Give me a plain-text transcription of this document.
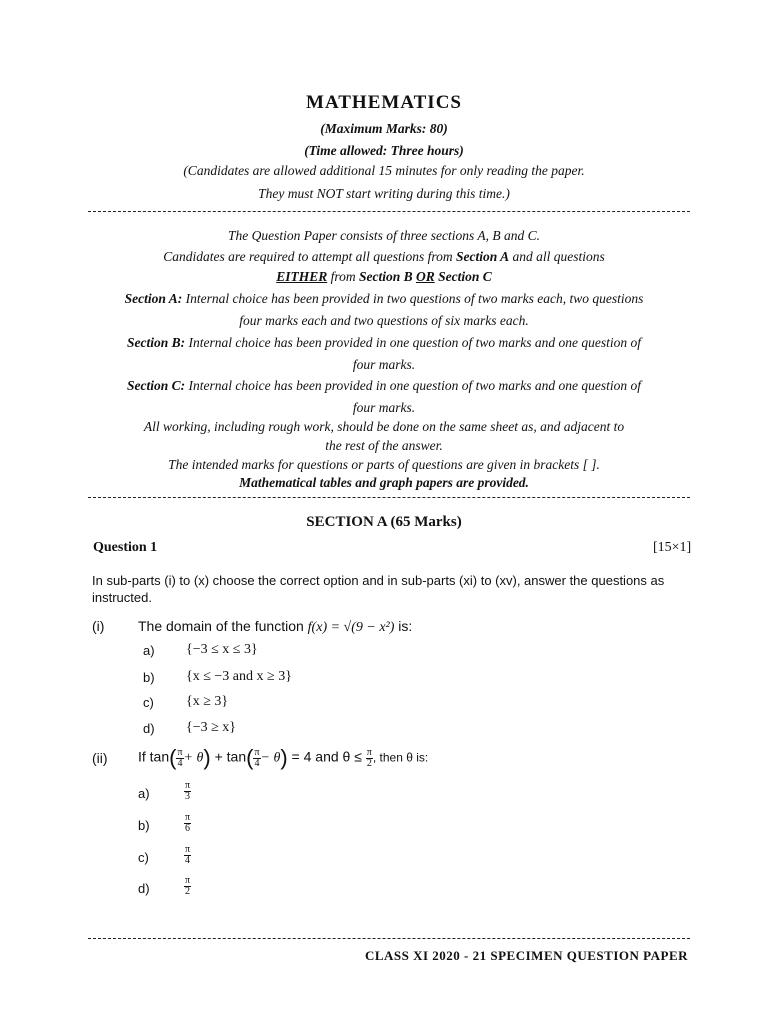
MATHEMATICS
(Maximum Marks: 80)
(Time allowed: Three hours)
(Candidates are allowed additional 15 minutes for only reading the paper.
They must NOT start writing during this time.)
The Question Paper consists of three sections A, B and C.
Candidates are required to attempt all questions from Section A and all questions
EITHER from Section B OR Section C
Section A: Internal choice has been provided in two questions of two marks each, two questions
four marks each and two questions of six marks each.
Section B: Internal choice has been provided in one question of two marks and one question of
four marks.
Section C: Internal choice has been provided in one question of two marks and one question of
four marks.
All working, including rough work, should be done on the same sheet as, and adjacent to
the rest of the answer.
The intended marks for questions or parts of questions are given in brackets [ ].
Mathematical tables and graph papers are provided.
SECTION A (65 Marks)
Question 1	[15×1]
In sub-parts (i) to (x) choose the correct option and in sub-parts (xi) to (xv), answer the questions as instructed.
(i) The domain of the function f(x) = √(9 − x²) is:
a) {−3 ≤ x ≤ 3}
b) {x ≤ −3 and x ≥ 3}
c) {x ≥ 3}
d) {−3 ≥ x}
(ii) If $\tan( \frac{\pi}{4} + \theta) + \tan( \frac{\pi}{4} - \theta) = 4$ and $\theta \le \frac{\pi}{2}$ , then θ is:
a)	$\frac{\pi}{3}$
b)	$\frac{\pi}{6}$
c)	$\frac{\pi}{4}$
d)	$\frac{\pi}{2}$
CLASS XI 2020 - 21 SPECIMEN QUESTION PAPER
